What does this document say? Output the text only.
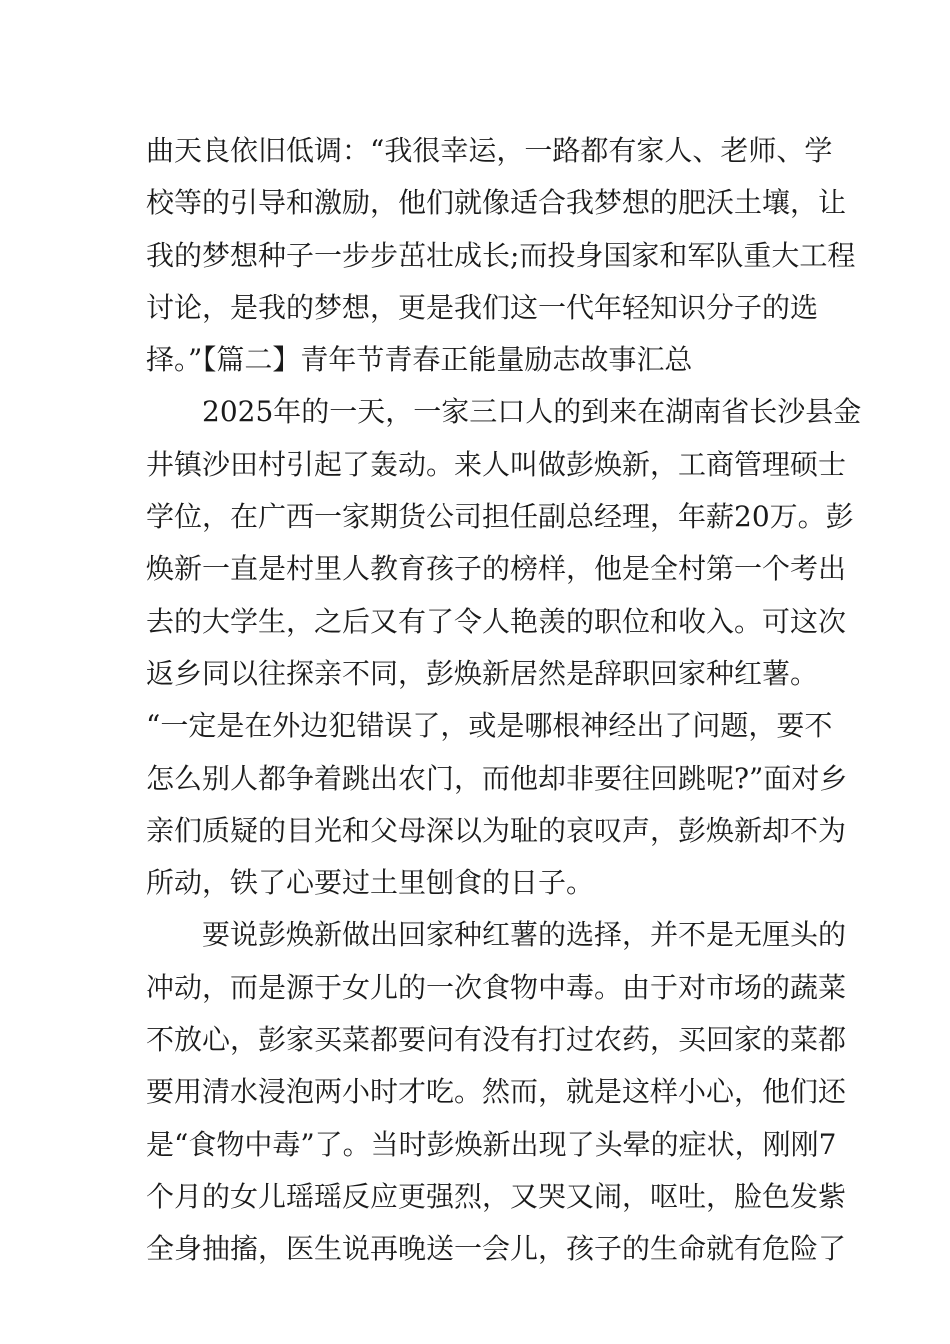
曲天良依旧低调：“我很幸运，一路都有家人、老师、学
校等的引导和激励，他们就像适合我梦想的肥沃土壤，让
我的梦想种子一步步茁壮成长;而投身国家和军队重大工程
讨论，是我的梦想，更是我们这一代年轻知识分子的选
择。”【篇二】青年节青春正能量励志故事汇总
2025年的一天，一家三口人的到来在湖南省长沙县金
井镇沙田村引起了轰动。来人叫做彭焕新，工商管理硕士
学位，在广西一家期货公司担任副总经理，年薪20万。彭
焕新一直是村里人教育孩子的榜样，他是全村第一个考出
去的大学生，之后又有了令人艳羡的职位和收入。可这次
返乡同以往探亲不同，彭焕新居然是辞职回家种红薯。
“一定是在外边犯错误了，或是哪根神经出了问题，要不
怎么别人都争着跳出农门，而他却非要往回跳呢?”面对乡
亲们质疑的目光和父母深以为耻的哀叹声，彭焕新却不为
所动，铁了心要过土里刨食的日子。
要说彭焕新做出回家种红薯的选择，并不是无厘头的
冲动，而是源于女儿的一次食物中毒。由于对市场的蔬菜
不放心，彭家买菜都要问有没有打过农药，买回家的菜都
要用清水浸泡两小时才吃。然而，就是这样小心，他们还
是“食物中毒”了。当时彭焕新出现了头晕的症状，刚刚7
个月的女儿瑶瑶反应更强烈，又哭又闹，呕吐，脸色发紫
全身抽搐，医生说再晚送一会儿，孩子的生命就有危险了
